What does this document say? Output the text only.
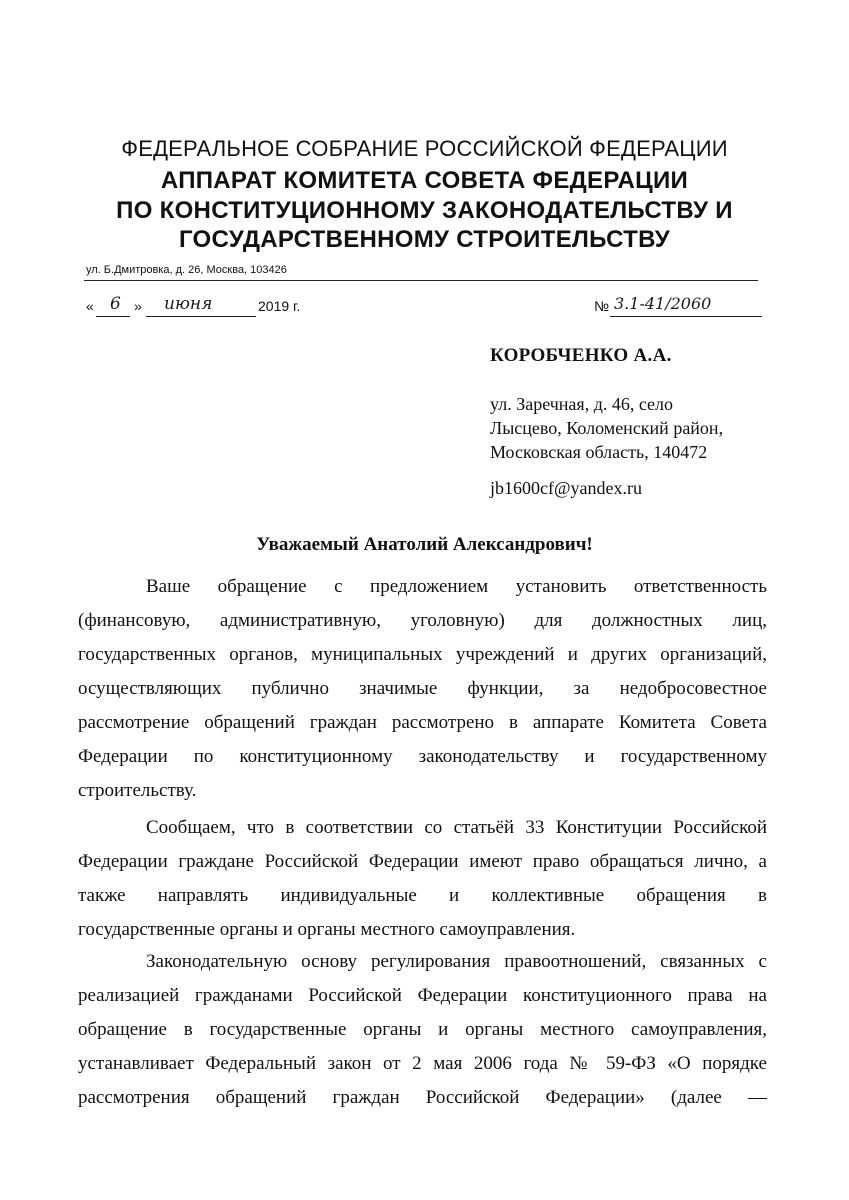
ФЕДЕРАЛЬНОЕ СОБРАНИЕ РОССИЙСКОЙ ФЕДЕРАЦИИ
АППАРАТ КОМИТЕТА СОВЕТА ФЕДЕРАЦИИ
ПО КОНСТИТУЦИОННОМУ ЗАКОНОДАТЕЛЬСТВУ И
ГОСУДАРСТВЕННОМУ СТРОИТЕЛЬСТВУ
ул. Б.Дмитровка, д. 26, Москва, 103426
« 6 » июня	2019 г.	№ 3.1-41/2060
КОРОБЧЕНКО А.А.
ул. Заречная, д. 46, село
Лысцево, Коломенский район,
Московская область, 140472
jb1600cf@yandex.ru
Уважаемый Анатолий Александрович!
Ваше обращение с предложением установить ответственность
(финансовую, административную, уголовную) для должностных лиц,
государственных органов, муниципальных учреждений и других организаций,
осуществляющих публично значимые функции, за недобросовестное
рассмотрение обращений граждан рассмотрено в аппарате Комитета Совета
Федерации по конституционному законодательству и государственному
строительству.
Сообщаем, что в соответствии со статьёй 33 Конституции Российской
Федерации граждане Российской Федерации имеют право обращаться лично, а
также направлять индивидуальные и коллективные обращения в
государственные органы и органы местного самоуправления.
Законодательную основу регулирования правоотношений, связанных с
реализацией гражданами Российской Федерации конституционного права на
обращение в государственные органы и органы местного самоуправления,
устанавливает Федеральный закон от 2 мая 2006 года № 59-ФЗ «О порядке
рассмотрения обращений граждан Российской Федерации» (далее —
